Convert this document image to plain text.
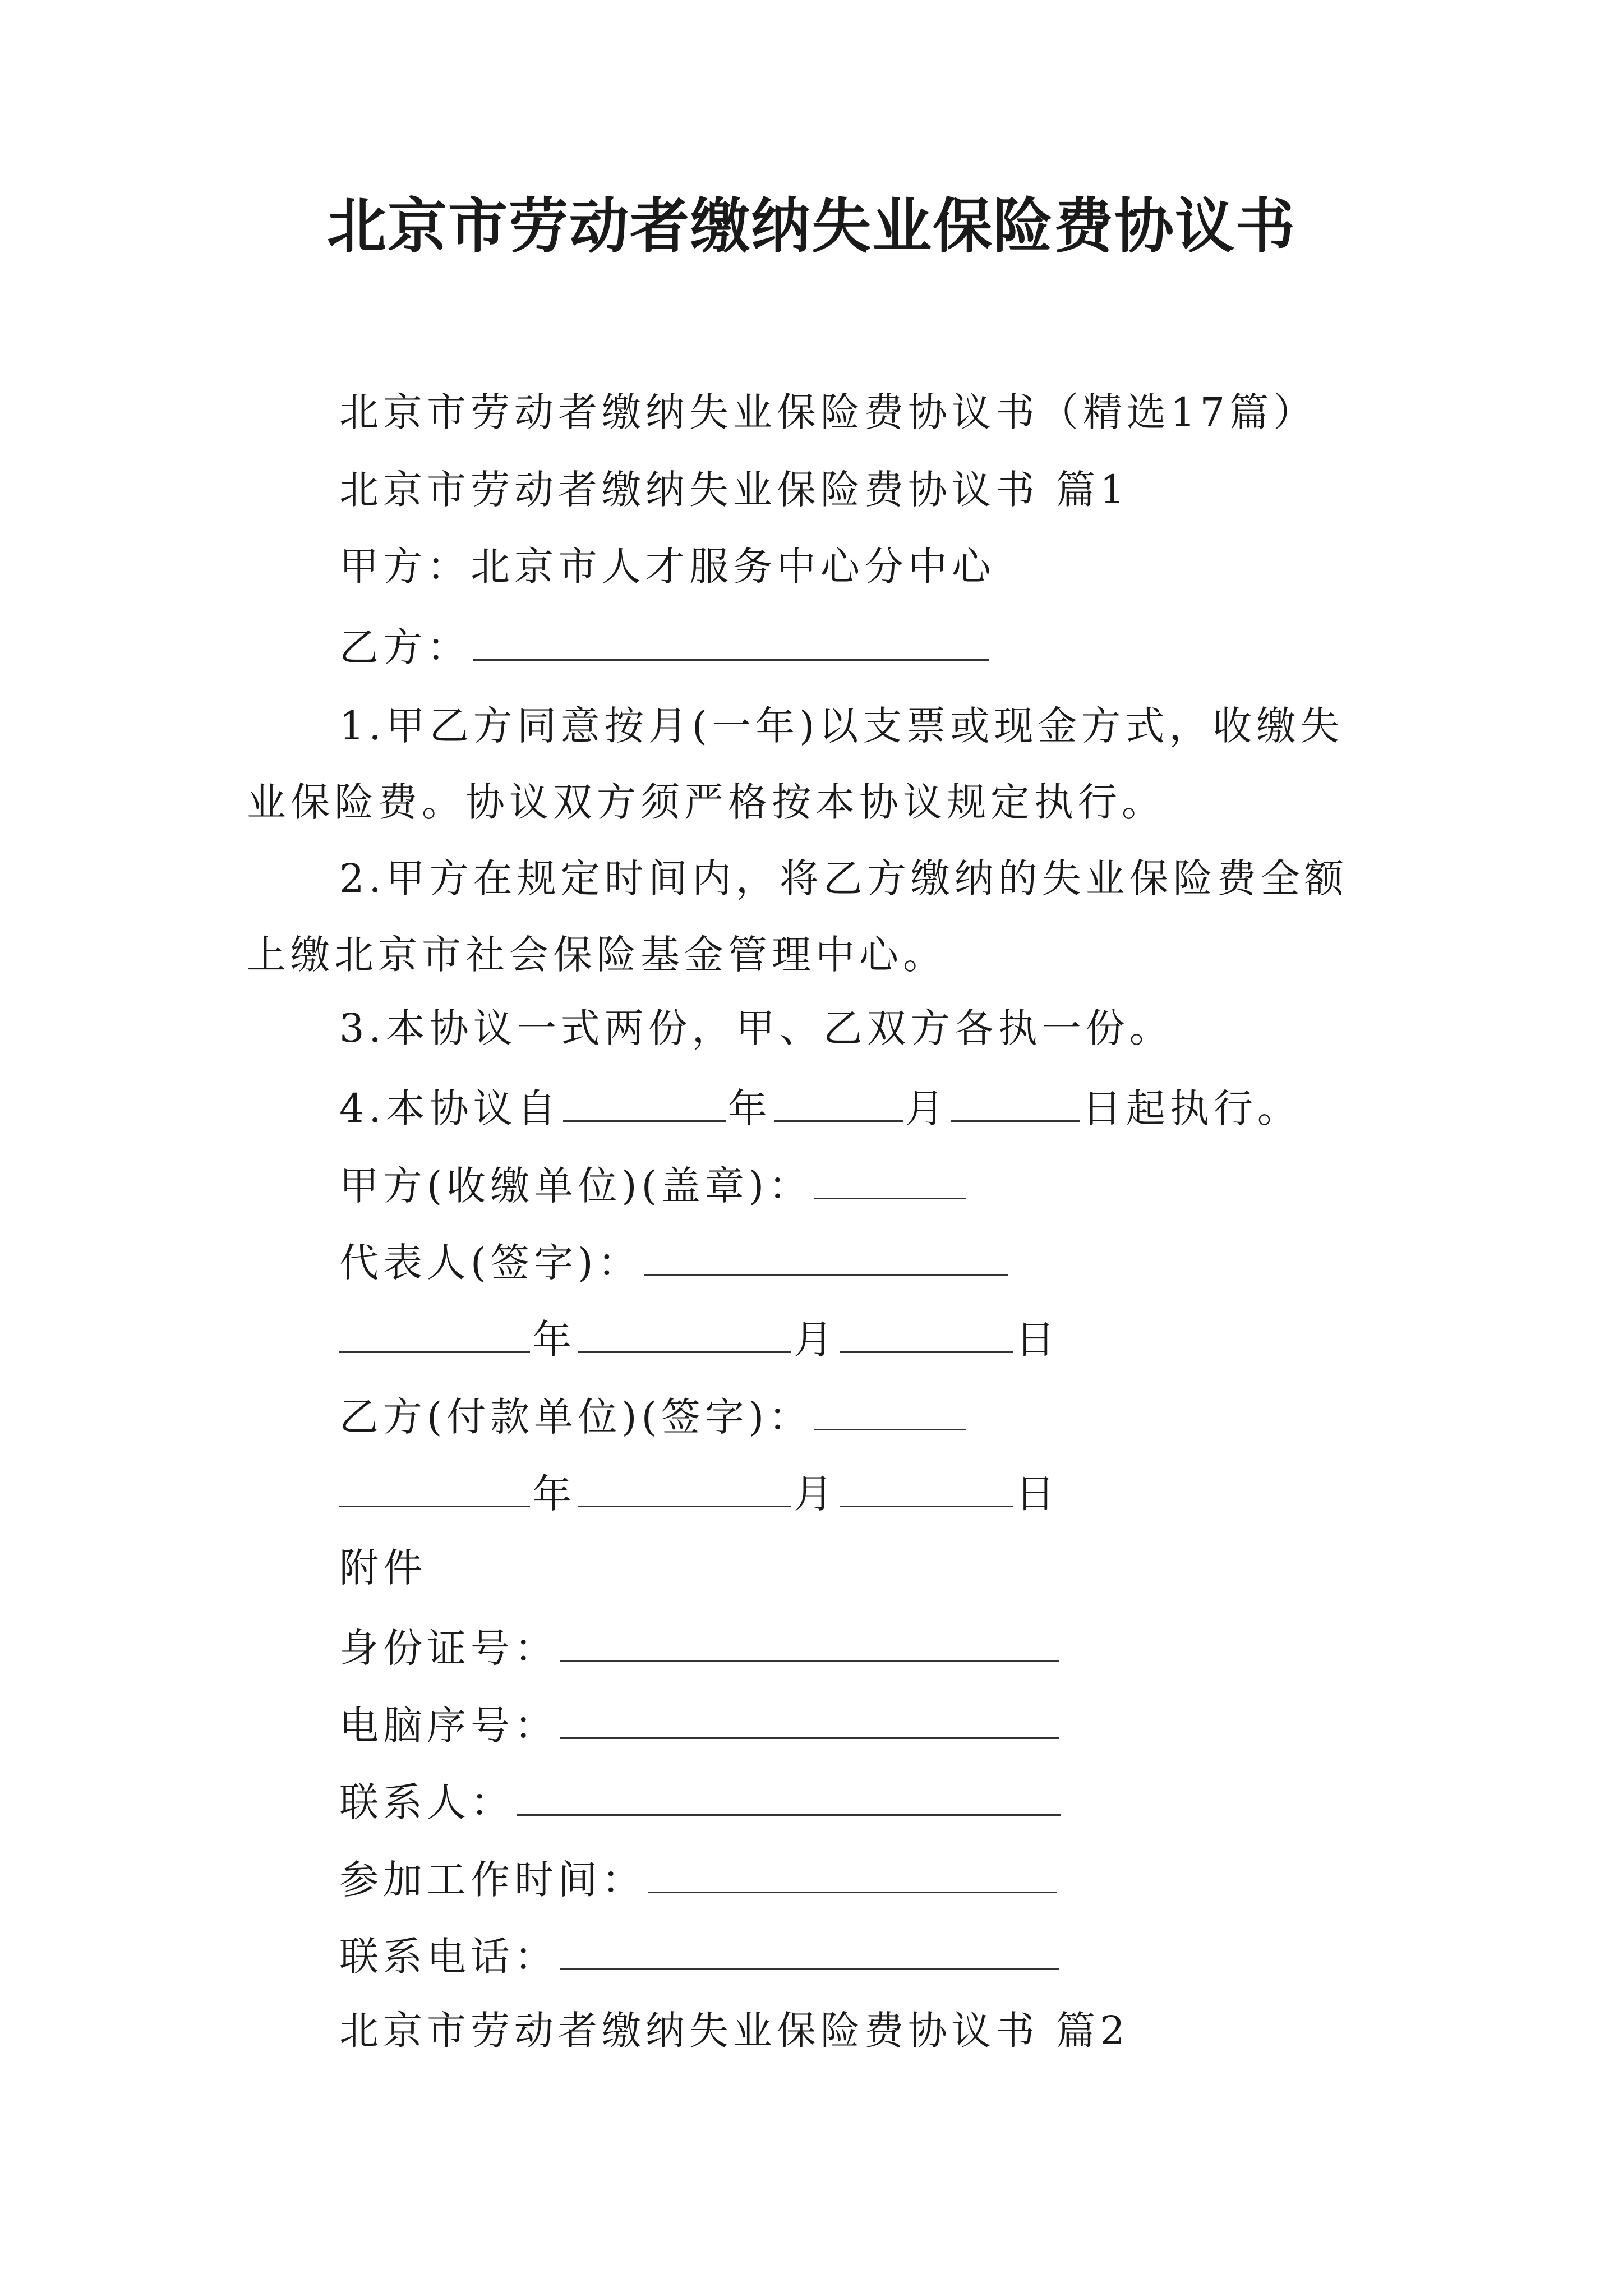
北京市劳动者缴纳失业保险费协议书
北京市劳动者缴纳失业保险费协议书（精选17篇）
北京市劳动者缴纳失业保险费协议书 篇1
甲方：北京市人才服务中心分中心
乙方：
1.甲乙方同意按月(一年)以支票或现金方式，收缴失业保险费。协议双方须严格按本协议规定执行。
2.甲方在规定时间内，将乙方缴纳的失业保险费全额上缴北京市社会保险基金管理中心。
3.本协议一式两份，甲、乙双方各执一份。
4.本协议自	年	月	日起执行。
甲方(收缴单位)(盖章)：
代表人(签字)：
年	月	日
乙方(付款单位)(签字)：
年	月	日
附件
身份证号：
电脑序号：
联系人：
参加工作时间：
联系电话：
北京市劳动者缴纳失业保险费协议书 篇2
